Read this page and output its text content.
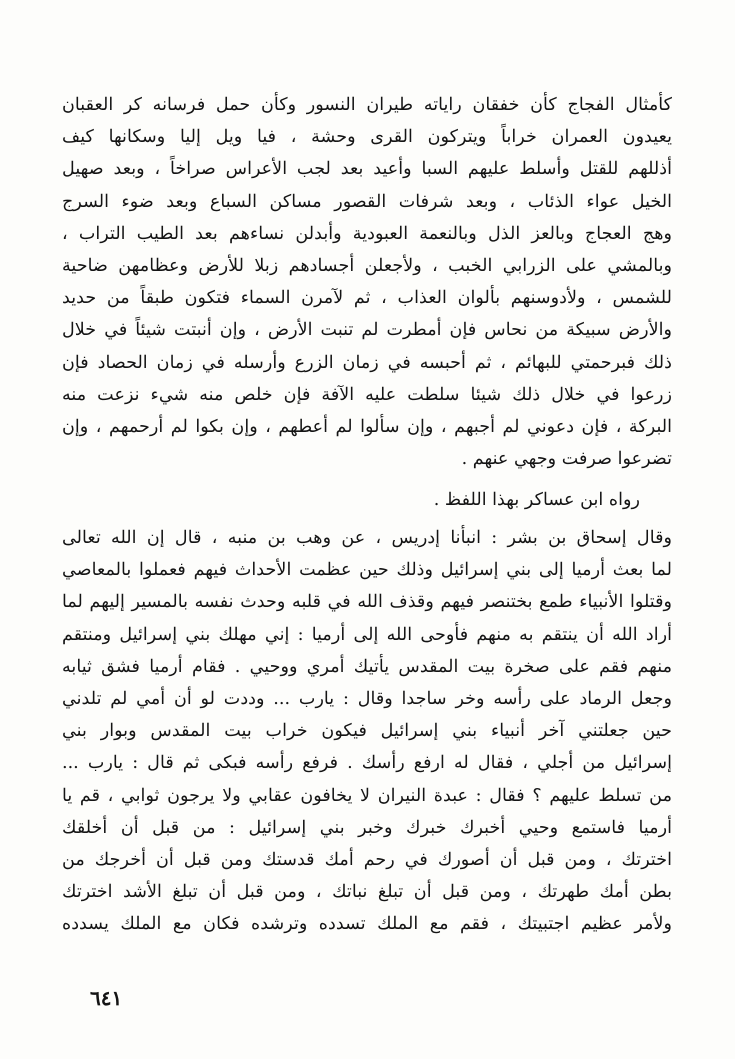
كأمثال الفجاج كأن خفقان راياته طيران النسور وكأن حمل فرسانه كر العقبان
يعيدون العمران خراباً ويتركون القرى وحشة ، فيا ويل إليا وسكانها كيف
أذللهم للقتل وأسلط عليهم السبا وأعيد بعد لجب الأعراس صراخاً ، وبعد صهيل
الخيل عواء الذئاب ، وبعد شرفات القصور مساكن السباع وبعد ضوء السرج
وهج العجاج وبالعز الذل وبالنعمة العبودية وأبدلن نساءهم بعد الطيب التراب ،
وبالمشي على الزرابي الخبب ، ولأجعلن أجسادهم زبلا للأرض وعظامهن ضاحية
للشمس ، ولأدوسنهم بألوان العذاب ، ثم لآمرن السماء فتكون طبقاً من حديد
والأرض سبيكة من نحاس فإن أمطرت لم تنبت الأرض ، وإن أنبتت شيئاً في خلال
ذلك فبرحمتي للبهائم ، ثم أحبسه في زمان الزرع وأرسله في زمان الحصاد فإن
زرعوا في خلال ذلك شيئا سلطت عليه الآفة فإن خلص منه شيء نزعت منه
البركة ، فإن دعوني لم أجبهم ، وإن سألوا لم أعطهم ، وإن بكوا لم أرحمهم ، وإن
تضرعوا صرفت وجهي عنهم .
رواه ابن عساكر بهذا اللفظ .
وقال إسحاق بن بشر : انبأنا إدريس ، عن وهب بن منبه ، قال إن الله تعالى
لما بعث أرميا إلى بني إسرائيل وذلك حين عظمت الأحداث فيهم فعملوا بالمعاصي
وقتلوا الأنبياء طمع بختنصر فيهم وقذف الله في قلبه وحدث نفسه بالمسير إليهم لما
أراد الله أن ينتقم به منهم فأوحى الله إلى أرميا : إني مهلك بني إسرائيل ومنتقم
منهم فقم على صخرة بيت المقدس يأتيك أمري ووحيي . فقام أرميا فشق ثيابه
وجعل الرماد على رأسه وخر ساجدا وقال : يارب ... وددت لو أن أمي لم تلدني
حين جعلتني آخر أنبياء بني إسرائيل فيكون خراب بيت المقدس وبوار بني
إسرائيل من أجلي ، فقال له ارفع رأسك . فرفع رأسه فبكى ثم قال : يارب ...
من تسلط عليهم ؟ فقال : عبدة النيران لا يخافون عقابي ولا يرجون ثوابي ، قم يا
أرميا فاستمع وحيي أخبرك خبرك وخبر بني إسرائيل : من قبل أن أخلقك
اخترتك ، ومن قبل أن أصورك في رحم أمك قدستك ومن قبل أن أخرجك من
بطن أمك طهرتك ، ومن قبل أن تبلغ نباتك ، ومن قبل أن تبلغ الأشد اخترتك
ولأمر عظيم اجتبيتك ، فقم مع الملك تسدده وترشده فكان مع الملك يسدده
٦٤١
